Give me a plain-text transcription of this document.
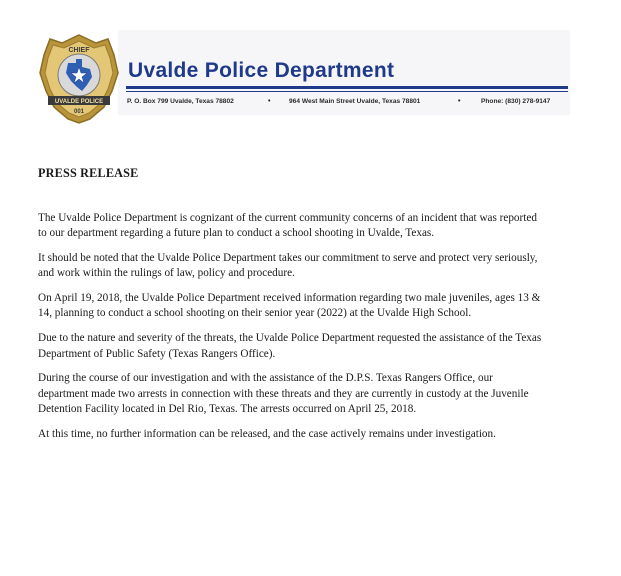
CHIEF
UVALDE POLICE
001
Uvalde Police Department
P. O. Box 799 Uvalde, Texas 78802	•	964 West Main Street Uvalde, Texas 78801	•	Phone: (830) 278-9147
PRESS RELEASE

The Uvalde Police Department is cognizant of the current community concerns of an incident that was reported
to our department regarding a future plan to conduct a school shooting in Uvalde, Texas.

It should be noted that the Uvalde Police Department takes our commitment to serve and protect very seriously,
and work within the rulings of law, policy and procedure.

On April 19, 2018, the Uvalde Police Department received information regarding two male juveniles, ages 13 &
14, planning to conduct a school shooting on their senior year (2022) at the Uvalde High School.

Due to the nature and severity of the threats, the Uvalde Police Department requested the assistance of the Texas
Department of Public Safety (Texas Rangers Office).

During the course of our investigation and with the assistance of the D.P.S. Texas Rangers Office, our
department made two arrests in connection with these threats and they are currently in custody at the Juvenile
Detention Facility located in Del Rio, Texas. The arrests occurred on April 25, 2018.

At this time, no further information can be released, and the case actively remains under investigation.
